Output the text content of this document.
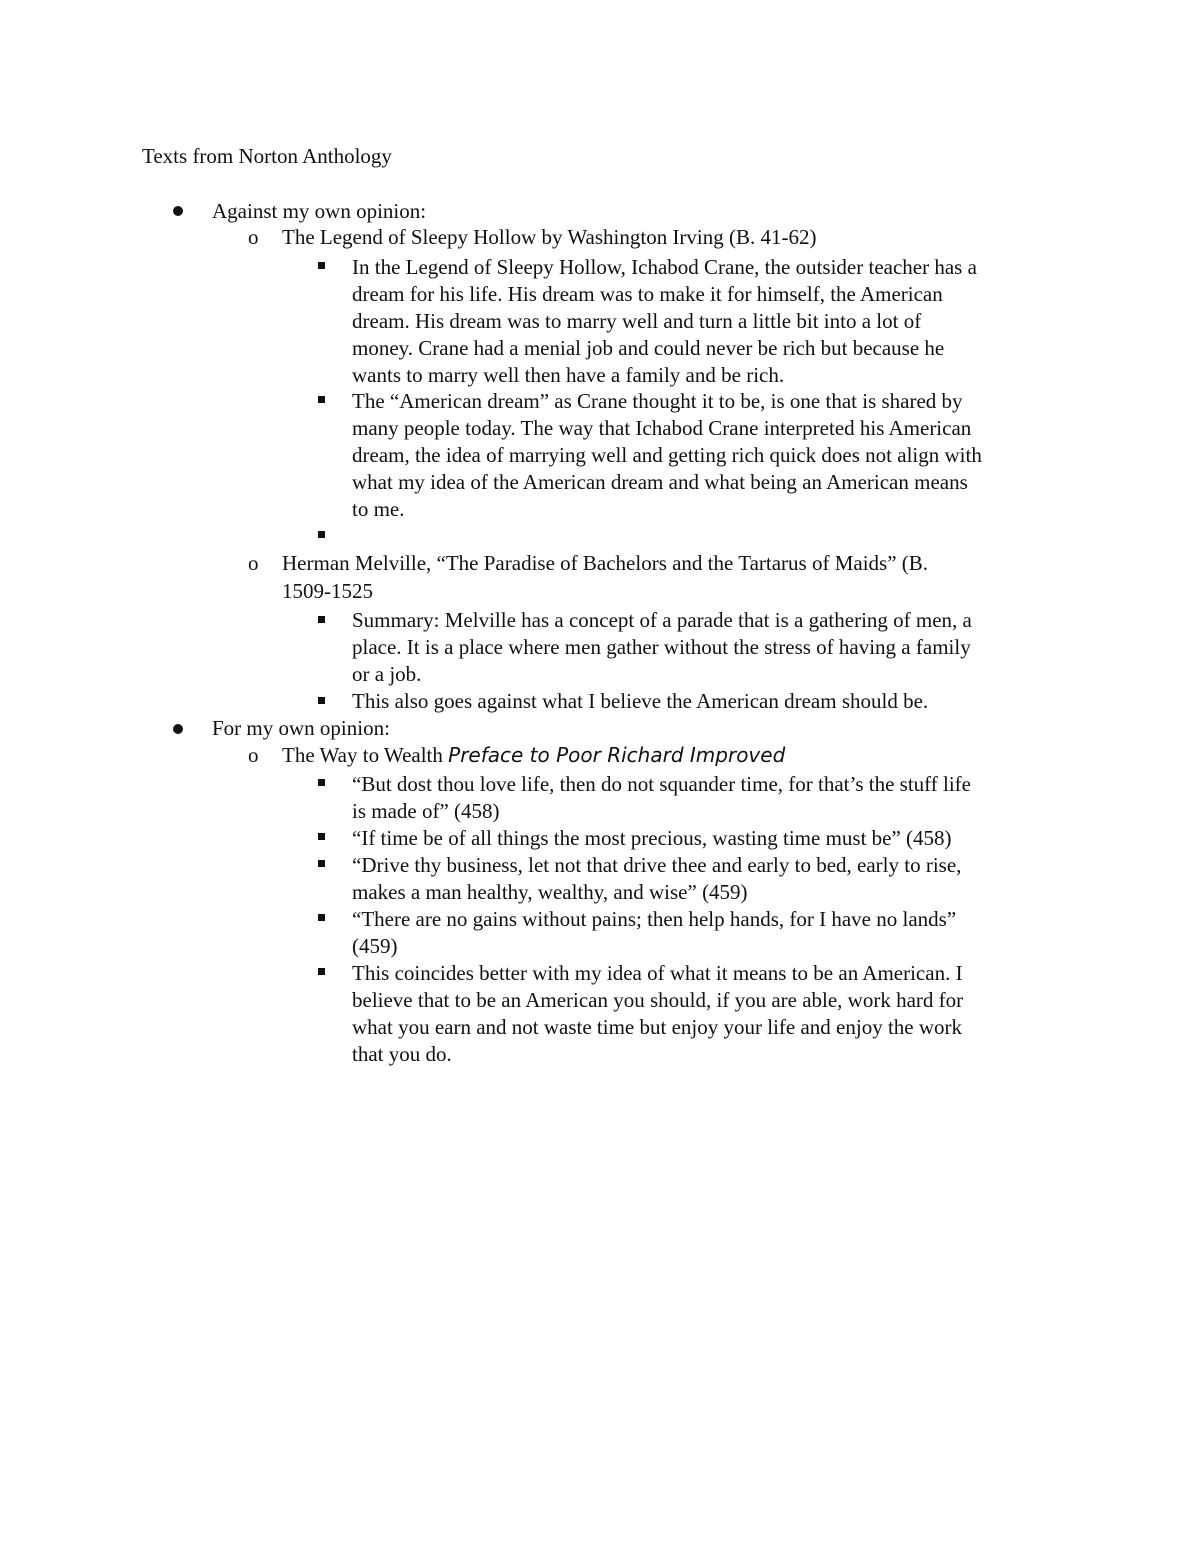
Texts from Norton Anthology
Against my own opinion:
o The Legend of Sleepy Hollow by Washington Irving (B. 41-62)
In the Legend of Sleepy Hollow, Ichabod Crane, the outsider teacher has a
dream for his life. His dream was to make it for himself, the American
dream. His dream was to marry well and turn a little bit into a lot of
money. Crane had a menial job and could never be rich but because he
wants to marry well then have a family and be rich.
The “American dream” as Crane thought it to be, is one that is shared by
many people today. The way that Ichabod Crane interpreted his American
dream, the idea of marrying well and getting rich quick does not align with
what my idea of the American dream and what being an American means
to me.
o Herman Melville, “The Paradise of Bachelors and the Tartarus of Maids” (B.
1509-1525
Summary: Melville has a concept of a parade that is a gathering of men, a
place. It is a place where men gather without the stress of having a family
or a job.
This also goes against what I believe the American dream should be.
For my own opinion:
o The Way to Wealth Preface to Poor Richard Improved
“But dost thou love life, then do not squander time, for that’s the stuff life
is made of” (458)
“If time be of all things the most precious, wasting time must be” (458)
“Drive thy business, let not that drive thee and early to bed, early to rise,
makes a man healthy, wealthy, and wise” (459)
“There are no gains without pains; then help hands, for I have no lands”
(459)
This coincides better with my idea of what it means to be an American. I
believe that to be an American you should, if you are able, work hard for
what you earn and not waste time but enjoy your life and enjoy the work
that you do.
